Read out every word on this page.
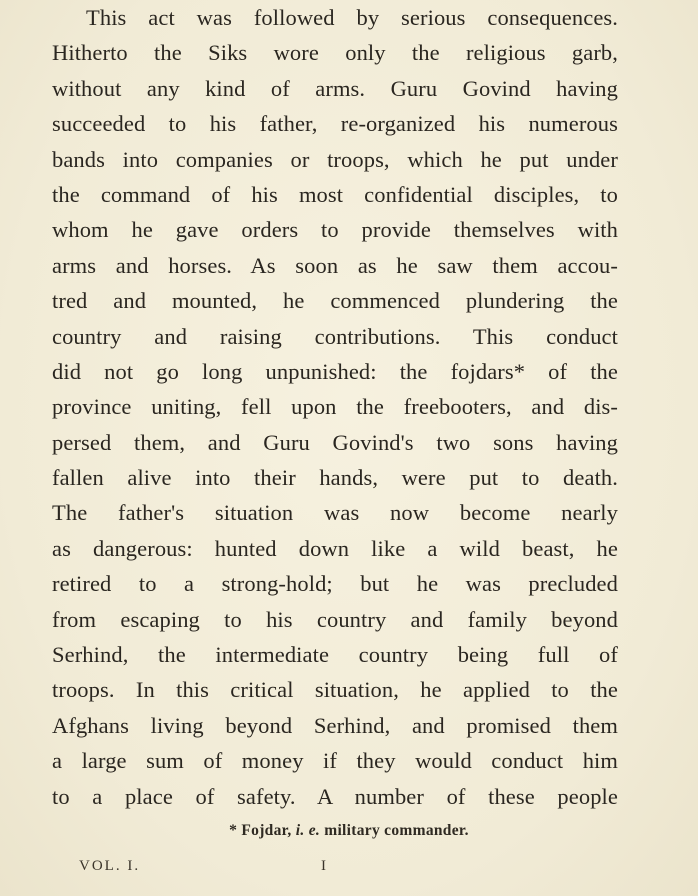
This act was followed by serious consequences.
Hitherto the Siks wore only the religious garb,
without any kind of arms. Guru Govind having
succeeded to his father, re-organized his numerous
bands into companies or troops, which he put under
the command of his most confidential disciples, to
whom he gave orders to provide themselves with
arms and horses. As soon as he saw them accou-
tred and mounted, he commenced plundering the
country and raising contributions. This conduct
did not go long unpunished: the fojdars* of the
province uniting, fell upon the freebooters, and dis-
persed them, and Guru Govind's two sons having
fallen alive into their hands, were put to death.
The father's situation was now become nearly
as dangerous: hunted down like a wild beast, he
retired to a strong-hold; but he was precluded
from escaping to his country and family beyond
Serhind, the intermediate country being full of
troops. In this critical situation, he applied to the
Afghans living beyond Serhind, and promised them
a large sum of money if they would conduct him
to a place of safety. A number of these people
* Fojdar, i. e. military commander.
VOL. I.	I
